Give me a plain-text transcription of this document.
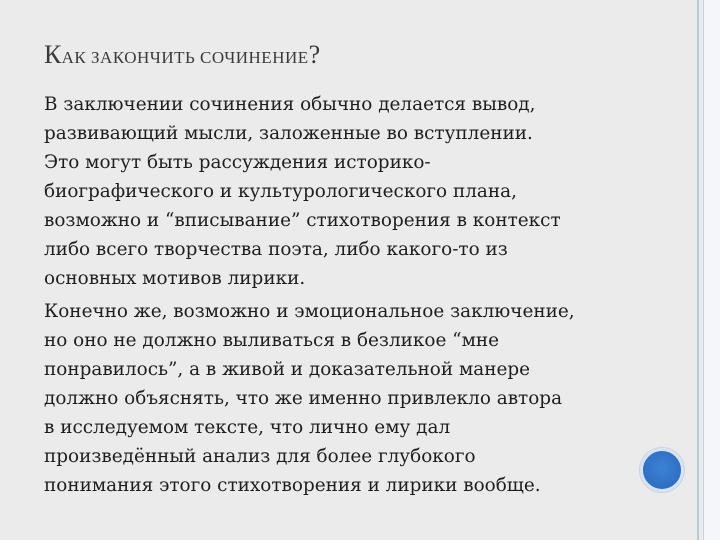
КАК ЗАКОНЧИТЬ СОЧИНЕНИЕ?

В заключении сочинения обычно делается вывод,
развивающий мысли, заложенные во вступлении.
Это могут быть рассуждения историко-
биографического и культурологического плана,
возможно и “вписывание” стихотворения в контекст
либо всего творчества поэта, либо какого-то из
основных мотивов лирики.

Конечно же, возможно и эмоциональное заключение,
но оно не должно выливаться в безликое “мне
понравилось”, а в живой и доказательной манере
должно объяснять, что же именно привлекло автора
в исследуемом тексте, что лично ему дал
произведённый анализ для более глубокого
понимания этого стихотворения и лирики вообще.
